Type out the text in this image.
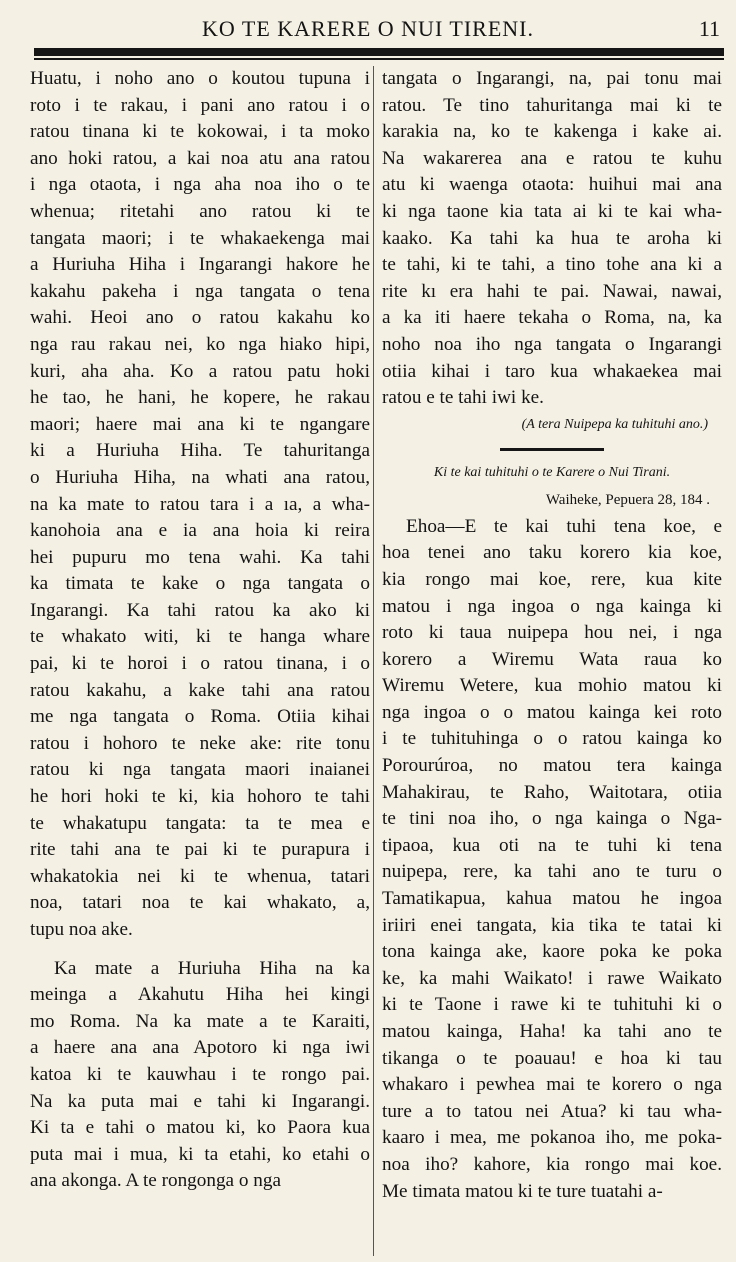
KO TE KARERE O NUI TIRENI.	11
Huatu, i noho ano o koutou tupuna i
roto i te rakau, i pani ano ratou i o
ratou tinana ki te kokowai, i ta moko
ano hoki ratou, a kai noa atu ana ratou
i nga otaota, i nga aha noa iho o te
whenua; ritetahi ano ratou ki te
tangata maori; i te whakaekenga mai
a Huriuha Hiha i Ingarangi hakore he
kakahu pakeha i nga tangata o tena
wahi. Heoi ano o ratou kakahu ko
nga rau rakau nei, ko nga hiako hipi,
kuri, aha aha. Ko a ratou patu hoki
he tao, he hani, he kopere, he rakau
maori; haere mai ana ki te ngangare
ki a Huriuha Hiha. Te tahuritanga
o Huriuha Hiha, na whati ana ratou,
na ka mate to ratou tara i a ıa, a wha-
kanohoia ana e ia ana hoia ki reira
hei pupuru mo tena wahi. Ka tahi
ka timata te kake o nga tangata o
Ingarangi. Ka tahi ratou ka ako ki
te whakato witi, ki te hanga whare
pai, ki te horoi i o ratou tinana, i o
ratou kakahu, a kake tahi ana ratou
me nga tangata o Roma. Otiia kihai
ratou i hohoro te neke ake: rite tonu
ratou ki nga tangata maori inaianei
he hori hoki te ki, kia hohoro te tahi
te whakatupu tangata: ta te mea e
rite tahi ana te pai ki te purapura i
whakatokia nei ki te whenua, tatari
noa, tatari noa te kai whakato, a,
tupu noa ake.
Ka mate a Huriuha Hiha na ka
meinga a Akahutu Hiha hei kingi
mo Roma. Na ka mate a te Karaiti,
a haere ana ana Apotoro ki nga iwi
katoa ki te kauwhau i te rongo pai.
Na ka puta mai e tahi ki Ingarangi.
Ki ta e tahi o matou ki, ko Paora kua
puta mai i mua, ki ta etahi, ko etahi o
ana akonga. A te rongonga o nga
tangata o Ingarangi, na, pai tonu mai
ratou. Te tino tahuritanga mai ki te
karakia na, ko te kakenga i kake ai.
Na wakarerea ana e ratou te kuhu
atu ki waenga otaota: huihui mai ana
ki nga taone kia tata ai ki te kai wha-
kaako. Ka tahi ka hua te aroha ki
te tahi, ki te tahi, a tino tohe ana ki a
rite kı era hahi te pai. Nawai, nawai,
a ka iti haere tekaha o Roma, na, ka
noho noa iho nga tangata o Ingarangi
otiia kihai i taro kua whakaekea mai
ratou e te tahi iwi ke.
(A tera Nuipepa ka tuhituhi ano.)
Ki te kai tuhituhi o te Karere o Nui Tirani.
Waiheke, Pepuera 28, 184 .
Ehoa—E te kai tuhi tena koe, e
hoa tenei ano taku korero kia koe,
kia rongo mai koe, rere, kua kite
matou i nga ingoa o nga kainga ki
roto ki taua nuipepa hou nei, i nga
korero a Wiremu Wata raua ko
Wiremu Wetere, kua mohio matou ki
nga ingoa o o matou kainga kei roto
i te tuhituhinga o o ratou kainga ko
Porourúroa, no matou tera kainga
Mahakirau, te Raho, Waitotara, otiia
te tini noa iho, o nga kainga o Nga-
tipaoa, kua oti na te tuhi ki tena
nuipepa, rere, ka tahi ano te turu o
Tamatikapua, kahua matou he ingoa
iriiri enei tangata, kia tika te tatai ki
tona kainga ake, kaore poka ke poka
ke, ka mahi Waikato! i rawe Waikato
ki te Taone i rawe ki te tuhituhi ki o
matou kainga, Haha! ka tahi ano te
tikanga o te poauau! e hoa ki tau
whakaro i pewhea mai te korero o nga
ture a to tatou nei Atua? ki tau wha-
kaaro i mea, me pokanoa iho, me poka-
noa iho? kahore, kia rongo mai koe.
Me timata matou ki te ture tuatahi a-
